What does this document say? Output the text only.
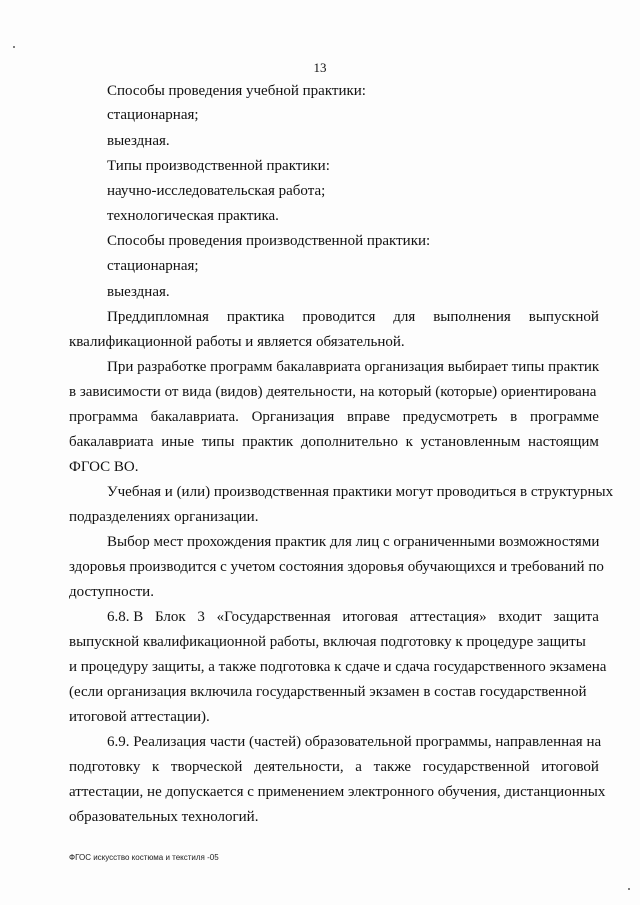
13
Способы проведения учебной практики:
стационарная;
выездная.
Типы производственной практики:
научно-исследовательская работа;
технологическая практика.
Способы проведения производственной практики:
стационарная;
выездная.
Преддипломная практика проводится для выполнения выпускной
квалификационной работы и является обязательной.
При разработке программ бакалавриата организация выбирает типы практик
в зависимости от вида (видов) деятельности, на который (которые) ориентирована
программа бакалавриата. Организация вправе предусмотреть в программе
бакалавриата иные типы практик дополнительно к установленным настоящим
ФГОС ВО.
Учебная и (или) производственная практики могут проводиться в структурных
подразделениях организации.
Выбор мест прохождения практик для лиц с ограниченными возможностями
здоровья производится с учетом состояния здоровья обучающихся и требований по
доступности.
6.8. В Блок 3 «Государственная итоговая аттестация» входит защита
выпускной квалификационной работы, включая подготовку к процедуре защиты
и процедуру защиты, а также подготовка к сдаче и сдача государственного экзамена
(если организация включила государственный экзамен в состав государственной
итоговой аттестации).
6.9. Реализация части (частей) образовательной программы, направленная на
подготовку к творческой деятельности, а также государственной итоговой
аттестации, не допускается с применением электронного обучения, дистанционных
образовательных технологий.
ФГОС искусство костюма и текстиля -05
